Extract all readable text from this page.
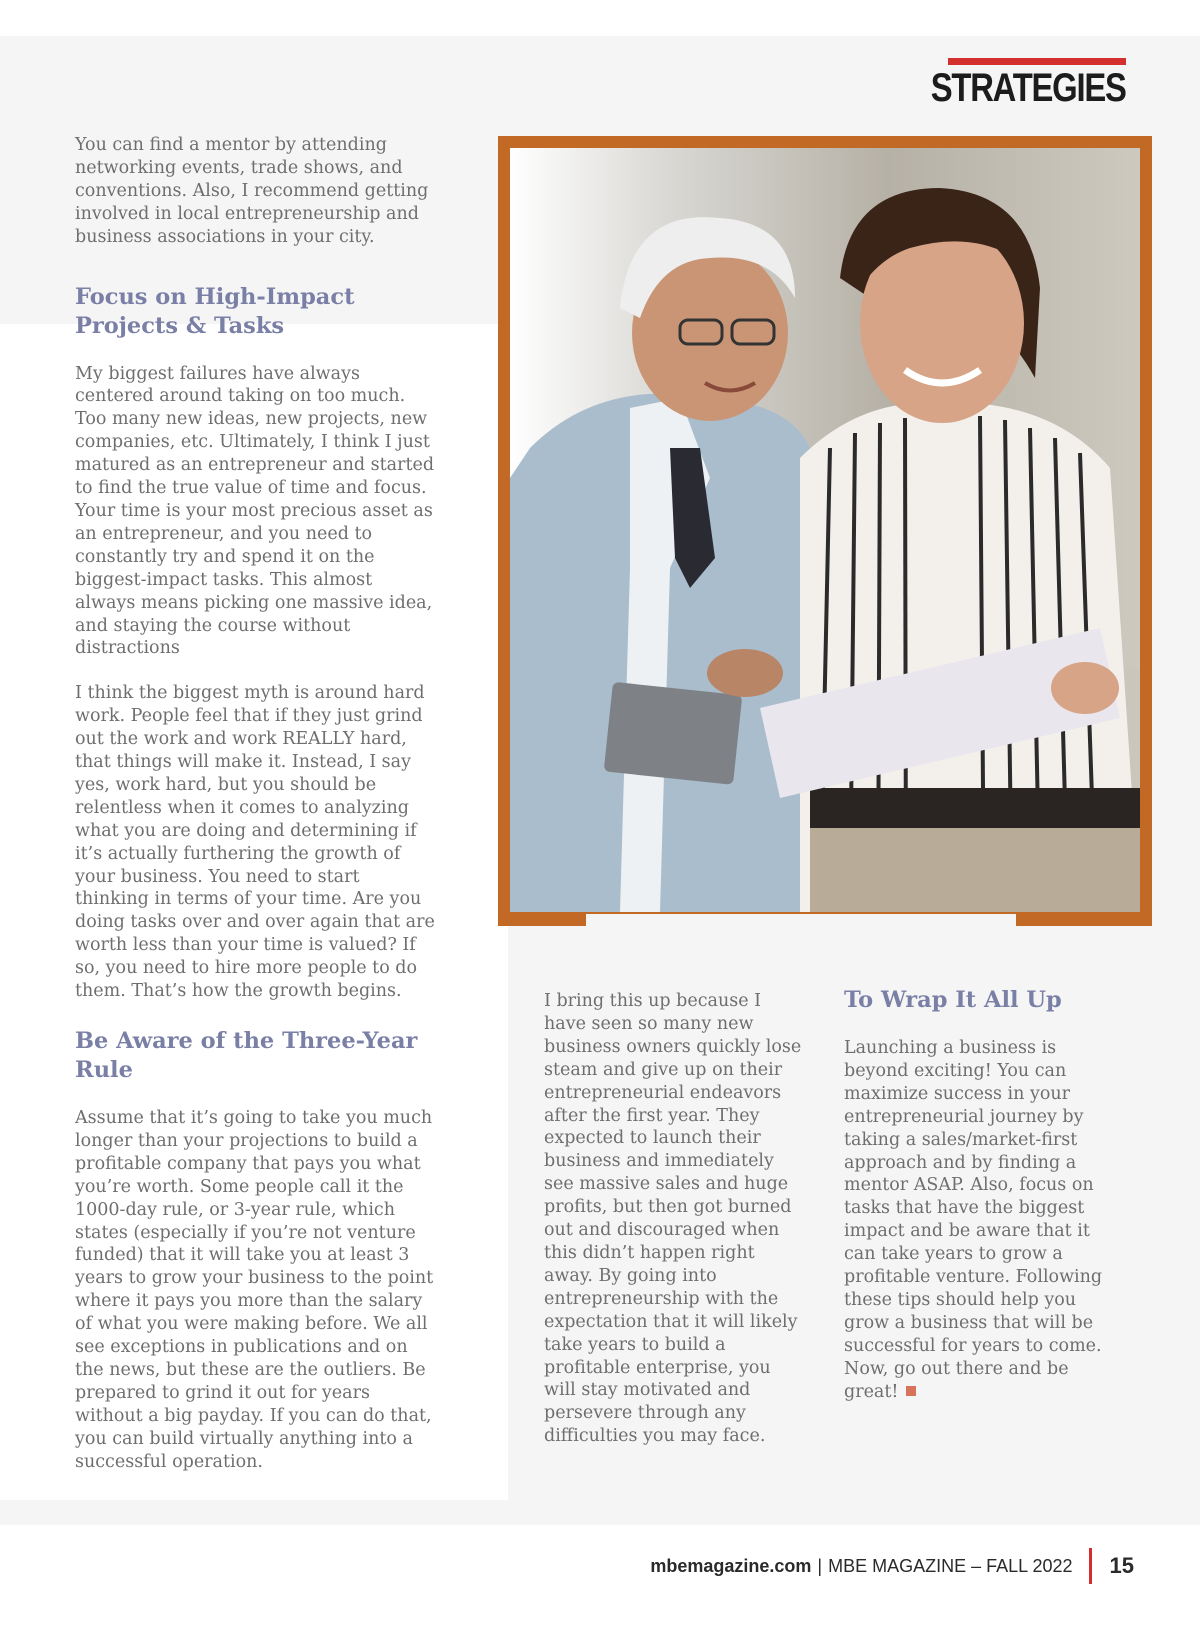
STRATEGIES

You can find a mentor by attending networking events, trade shows, and conventions. Also, I recommend getting involved in local entrepreneurship and business associations in your city.

Focus on High-Impact Projects & Tasks

My biggest failures have always centered around taking on too much. Too many new ideas, new projects, new companies, etc. Ultimately, I think I just matured as an entrepreneur and started to find the true value of time and focus. Your time is your most precious asset as an entrepreneur, and you need to constantly try and spend it on the biggest-impact tasks. This almost always means picking one massive idea, and staying the course without distractions

I think the biggest myth is around hard work. People feel that if they just grind out the work and work REALLY hard, that things will make it. Instead, I say yes, work hard, but you should be relentless when it comes to analyzing what you are doing and determining if it’s actually furthering the growth of your business. You need to start thinking in terms of your time. Are you doing tasks over and over again that are worth less than your time is valued? If so, you need to hire more people to do them. That’s how the growth begins.

Be Aware of the Three-Year Rule

Assume that it’s going to take you much longer than your projections to build a profitable company that pays you what you’re worth. Some people call it the 1000-day rule, or 3-year rule, which states (especially if you’re not venture funded) that it will take you at least 3 years to grow your business to the point where it pays you more than the salary of what you were making before. We all see exceptions in publications and on the news, but these are the outliers. Be prepared to grind it out for years without a big payday. If you can do that, you can build virtually anything into a successful operation.

I bring this up because I have seen so many new business owners quickly lose steam and give up on their entrepreneurial endeavors after the first year. They expected to launch their business and immediately see massive sales and huge profits, but then got burned out and discouraged when this didn’t happen right away. By going into entrepreneurship with the expectation that it will likely take years to build a profitable enterprise, you will stay motivated and persevere through any difficulties you may face.

To Wrap It All Up

Launching a business is beyond exciting! You can maximize success in your entrepreneurial journey by taking a sales/market-first approach and by finding a mentor ASAP. Also, focus on tasks that have the biggest impact and be aware that it can take years to grow a profitable venture. Following these tips should help you grow a business that will be successful for years to come. Now, go out there and be great!

mbemagazine.com | MBE MAGAZINE – FALL 2022 15
